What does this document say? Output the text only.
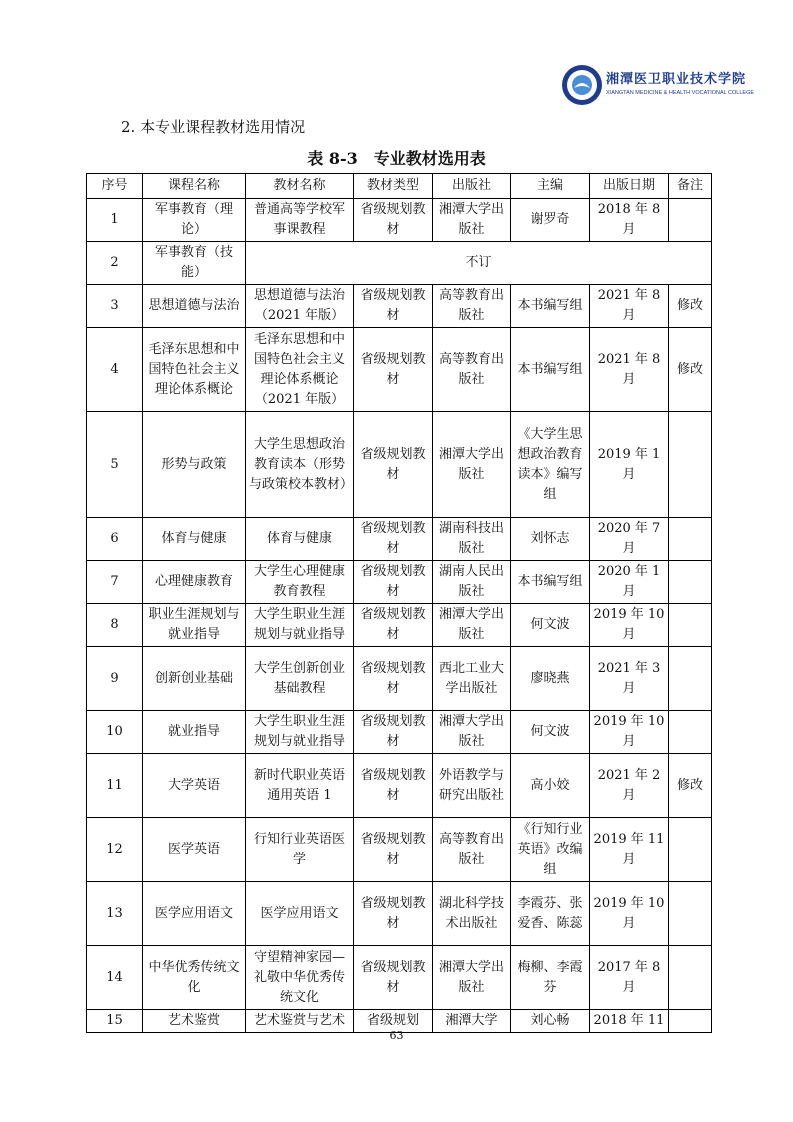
湘潭医卫职业技术学院
XIANGTAN MEDICINE & HEALTH VOCATIONAL COLLEGE
2. 本专业课程教材选用情况
表 8-3　专业教材选用表
序号	课程名称	教材名称	教材类型	出版社	主编	出版日期	备注
1	军事教育（理论）	普通高等学校军事课教程	省级规划教材	湘潭大学出版社	谢罗奇	2018 年 8 月	
2	军事教育（技能）	不订					
3	思想道德与法治	思想道德与法治（2021 年版）	省级规划教材	高等教育出版社	本书编写组	2021 年 8 月	修改
4	毛泽东思想和中国特色社会主义理论体系概论	毛泽东思想和中国特色社会主义理论体系概论（2021 年版）	省级规划教材	高等教育出版社	本书编写组	2021 年 8 月	修改
5	形势与政策	大学生思想政治教育读本（形势与政策校本教材）	省级规划教材	湘潭大学出版社	《大学生思想政治教育读本》编写组	2019 年 1 月	
6	体育与健康	体育与健康	省级规划教材	湖南科技出版社	刘怀志	2020 年 7 月	
7	心理健康教育	大学生心理健康教育教程	省级规划教材	湖南人民出版社	本书编写组	2020 年 1 月	
8	职业生涯规划与就业指导	大学生职业生涯规划与就业指导	省级规划教材	湘潭大学出版社	何文波	2019 年 10 月	
9	创新创业基础	大学生创新创业基础教程	省级规划教材	西北工业大学出版社	廖晓燕	2021 年 3 月	
10	就业指导	大学生职业生涯规划与就业指导	省级规划教材	湘潭大学出版社	何文波	2019 年 10 月	
11	大学英语	新时代职业英语通用英语 1	省级规划教材	外语教学与研究出版社	高小姣	2021 年 2 月	修改
12	医学英语	行知行业英语医学	省级规划教材	高等教育出版社	《行知行业英语》改编组	2019 年 11 月	
13	医学应用语文	医学应用语文	省级规划教材	湖北科学技术出版社	李霞芬、张爱香、陈蕊	2019 年 10 月	
14	中华优秀传统文化	守望精神家园—礼敬中华优秀传统文化	省级规划教材	湘潭大学出版社	梅柳、李霞芬	2017 年 8 月	
15	艺术鉴赏	艺术鉴赏与艺术	省级规划	湘潭大学	刘心畅	2018 年 11	
63
